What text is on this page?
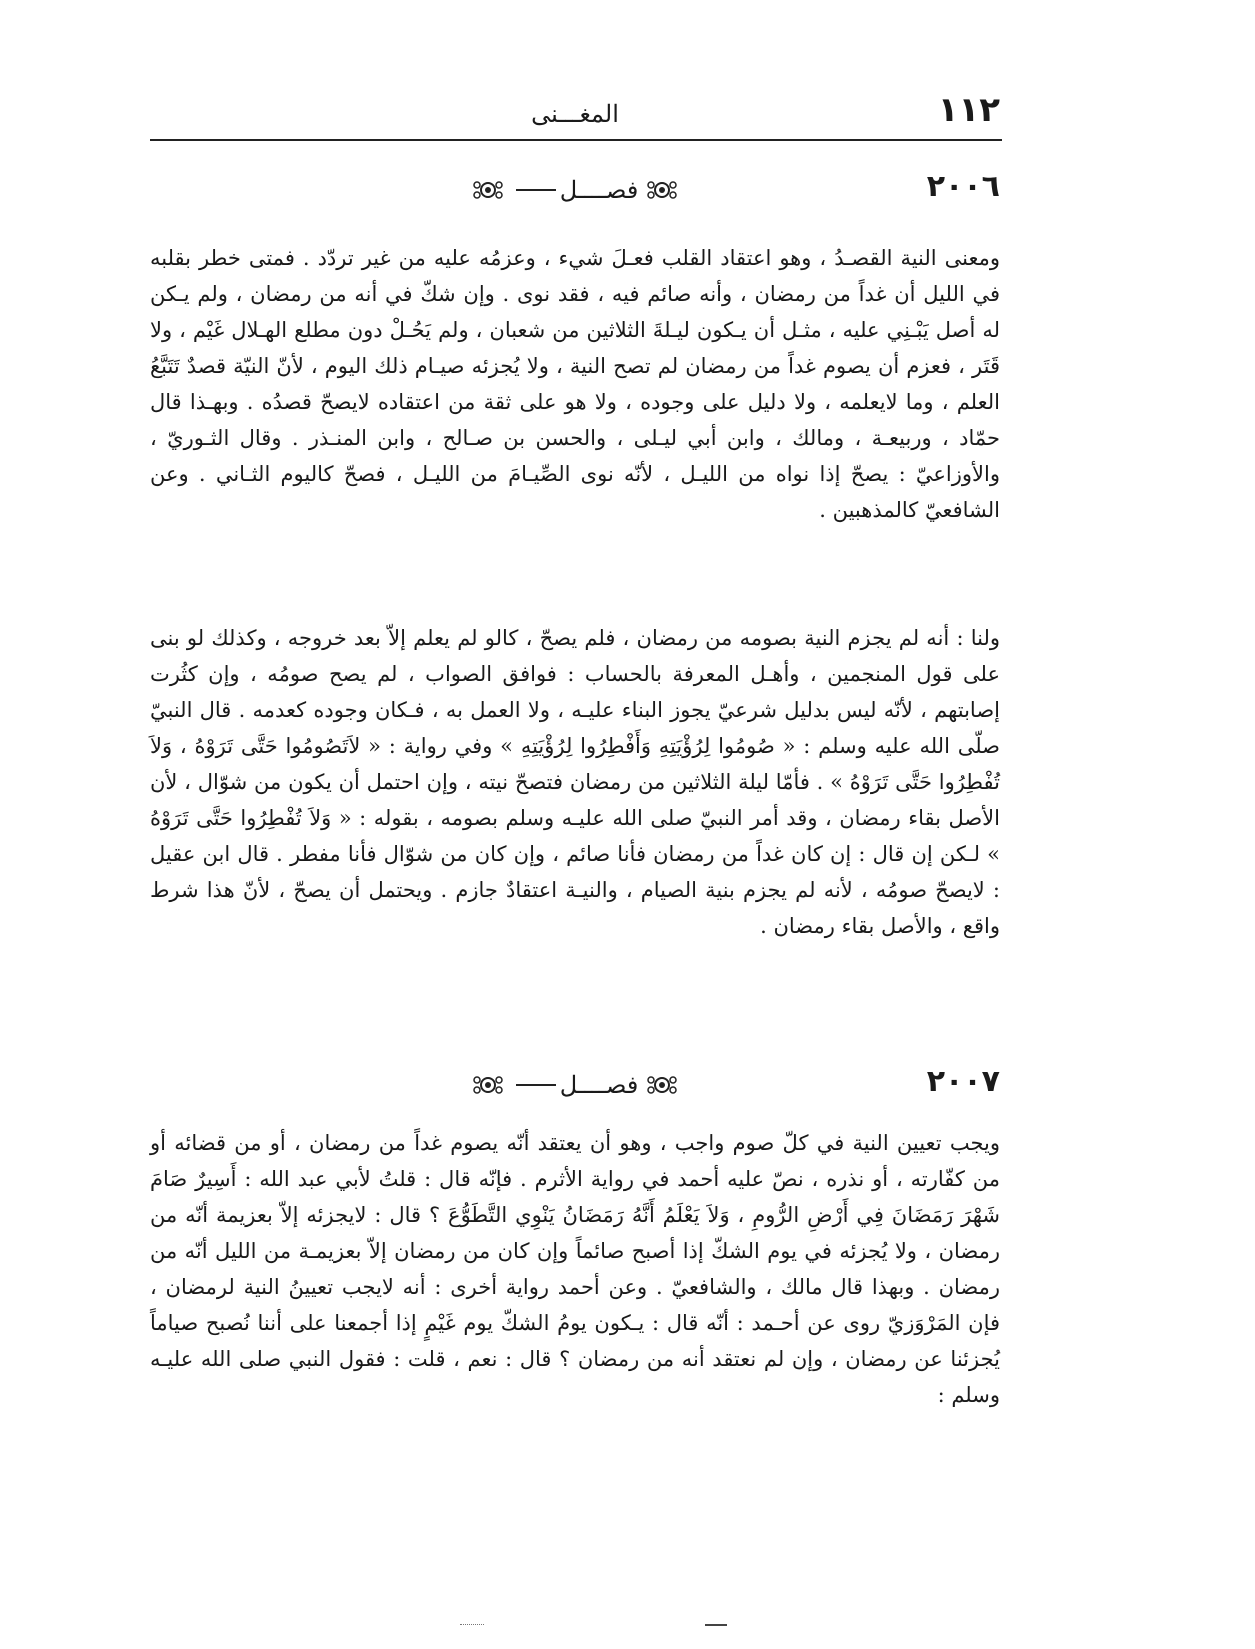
١١٢
المغـــنى
٢٠٠٦
فصــــل

ومعنى النية القصـدُ ، وهو اعتقاد القلب فعـلَ شيء ، وعزمُه عليه من غير تردّد . فمتى خطر بقلبه في الليل أن غداً من رمضان ، وأنه صائم فيه ، فقد نوى . وإن شكّ في أنه من رمضان ، ولم يـكن له أصل يَبْـنِي عليه ، مثـل أن يـكون ليـلةَ الثلاثين من شعبان ، ولم يَحُـلْ دون مطلع الهـلال غَيْم ، ولا قَتَر ، فعزم أن يصوم غداً من رمضان لم تصح النية ، ولا يُجزئه صيـام ذلك اليوم ، لأنّ النيّة قصدٌ تَتَبَّعُ العلم ، وما لايعلمه ، ولا دليل على وجوده ، ولا هو على ثقة من اعتقاده لايصحّ قصدُه . وبهـذا قال حمّاد ، وربيعـة ، ومالك ، وابن أبي ليـلى ، والحسن بن صـالح ، وابن المنـذر . وقال الثـوريّ ، والأوزاعيّ : يصحّ إذا نواه من الليـل ، لأنّه نوى الصِّيـامَ من الليـل ، فصحّ كاليوم الثـاني . وعن الشافعيّ كالمذهبين .

ولنا : أنه لم يجزم النية بصومه من رمضان ، فلم يصحّ ، كالو لم يعلم إلاّ بعد خروجه ، وكذلك لو بنى على قول المنجمين ، وأهـل المعرفة بالحساب : فوافق الصواب ، لم يصح صومُه ، وإن كثُرت إصابتهم ، لأنّه ليس بدليل شرعيّ يجوز البناء عليـه ، ولا العمل به ، فـكان وجوده كعدمه . قال النبيّ صلّى الله عليه وسلم : « صُومُوا لِرُؤْيَتِهِ وَأَفْطِرُوا لِرُؤْيَتِهِ » وفي رواية : « لاَتَصُومُوا حَتَّى تَرَوْهُ ، وَلاَ تُفْطِرُوا حَتَّى تَرَوْهُ » . فأمّا ليلة الثلاثين من رمضان فتصحّ نيته ، وإن احتمل أن يكون من شوّال ، لأن الأصل بقاء رمضان ، وقد أمر النبيّ صلى الله عليـه وسلم بصومه ، بقوله : « وَلاَ تُفْطِرُوا حَتَّى تَرَوْهُ » لـكن إن قال : إن كان غداً من رمضان فأنا صائم ، وإن كان من شوّال فأنا مفطر . قال ابن عقيل : لايصحّ صومُه ، لأنه لم يجزم بنية الصيام ، والنيـة اعتقادٌ جازم . ويحتمل أن يصحّ ، لأنّ هذا شرط واقع ، والأصل بقاء رمضان .

٢٠٠٧
فصــــل

ويجب تعيين النية في كلّ صوم واجب ، وهو أن يعتقد أنّه يصوم غداً من رمضان ، أو من قضائه أو من كفّارته ، أو نذره ، نصّ عليه أحمد في رواية الأثرم . فإنّه قال : قلتُ لأبي عبد الله : أَسِيرٌ صَامَ شَهْرَ رَمَضَانَ فِي أَرْضِ الرُّومِ ، وَلاَ يَعْلَمُ أَنَّهُ رَمَضَانُ يَنْوِي التَّطَوُّعَ ؟ قال : لايجزئه إلاّ بعزيمة أنّه من رمضان ، ولا يُجزئه في يوم الشكّ إذا أصبح صائماً وإن كان من رمضان إلاّ بعزيمـة من الليل أنّه من رمضان . وبهذا قال مالك ، والشافعيّ . وعن أحمد رواية أخرى : أنه لايجب تعيينُ النية لرمضان ، فإن المَرْوَزيّ روى عن أحـمد : أنّه قال : يـكون يومُ الشكّ يوم غَيْمٍ إذا أجمعنا على أننا نُصبح صياماً يُجزئنا عن رمضان ، وإن لم نعتقد أنه من رمضان ؟ قال : نعم ، قلت : فقول النبي صلى الله عليـه وسلم :
